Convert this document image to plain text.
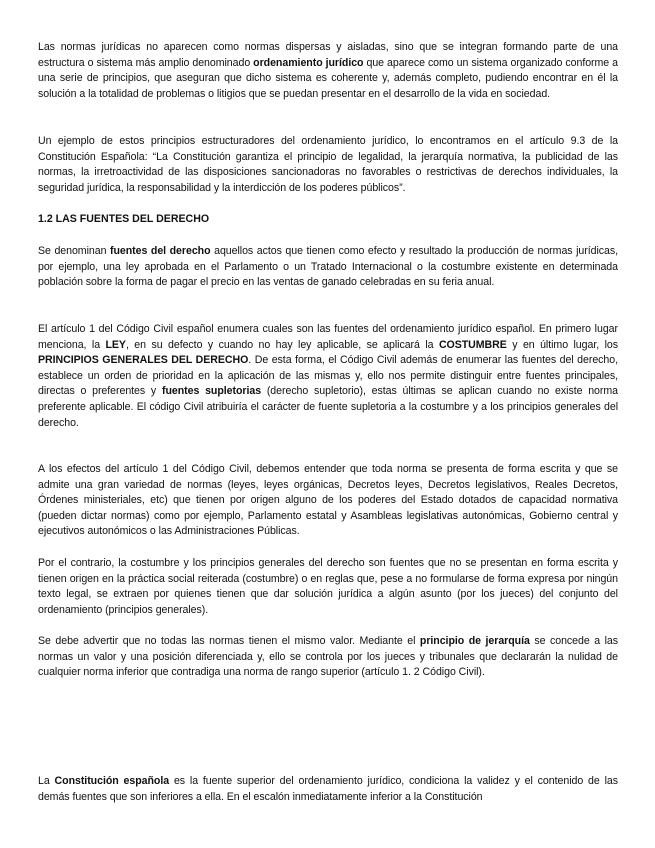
Las normas jurídicas no aparecen como normas dispersas y aisladas, sino que se integran formando parte de una estructura o sistema más amplio denominado ordenamiento jurídico que aparece como un sistema organizado conforme a una serie de principios, que aseguran que dicho sistema es coherente y, además completo, pudiendo encontrar en él la solución a la totalidad de problemas o litigios que se puedan presentar en el desarrollo de la vida en sociedad.

Un ejemplo de estos principios estructuradores del ordenamiento jurídico, lo encontramos en el artículo 9.3 de la Constitución Española: “La Constitución garantiza el principio de legalidad, la jerarquía normativa, la publicidad de las normas, la irretroactividad de las disposiciones sancionadoras no favorables o restrictivas de derechos individuales, la seguridad jurídica, la responsabilidad y la interdicción de los poderes públicos”.

1.2 LAS FUENTES DEL DERECHO

Se denominan fuentes del derecho aquellos actos que tienen como efecto y resultado la producción de normas jurídicas, por ejemplo, una ley aprobada en el Parlamento o un Tratado Internacional o la costumbre existente en determinada población sobre la forma de pagar el precio en las ventas de ganado celebradas en su feria anual.

El artículo 1 del Código Civil español enumera cuales son las fuentes del ordenamiento jurídico español. En primero lugar menciona, la LEY, en su defecto y cuando no hay ley aplicable, se aplicará la COSTUMBRE y en último lugar, los PRINCIPIOS GENERALES DEL DERECHO. De esta forma, el Código Civil además de enumerar las fuentes del derecho, establece un orden de prioridad en la aplicación de las mismas y, ello nos permite distinguir entre fuentes principales, directas o preferentes y fuentes supletorias (derecho supletorio), estas últimas se aplican cuando no existe norma preferente aplicable. El código Civil atribuiría el carácter de fuente supletoria a la costumbre y a los principios generales del derecho.

A los efectos del artículo 1 del Código Civil, debemos entender que toda norma se presenta de forma escrita y que se admite una gran variedad de normas (leyes, leyes orgánicas, Decretos leyes, Decretos legislativos, Reales Decretos, Órdenes ministeriales, etc) que tienen por origen alguno de los poderes del Estado dotados de capacidad normativa (pueden dictar normas) como por ejemplo, Parlamento estatal y Asambleas legislativas autonómicas, Gobierno central y ejecutivos autonómicos o las Administraciones Públicas.

Por el contrario, la costumbre y los principios generales del derecho son fuentes que no se presentan en forma escrita y tienen origen en la práctica social reiterada (costumbre) o en reglas que, pese a no formularse de forma expresa por ningún texto legal, se extraen por quienes tienen que dar solución jurídica a algún asunto (por los jueces) del conjunto del ordenamiento (principios generales).

Se debe advertir que no todas las normas tienen el mismo valor. Mediante el principio de jerarquía se concede a las normas un valor y una posición diferenciada y, ello se controla por los jueces y tribunales que declararán la nulidad de cualquier norma inferior que contradiga una norma de rango superior (artículo 1. 2 Código Civil).

La Constitución española es la fuente superior del ordenamiento jurídico, condiciona la validez y el contenido de las demás fuentes que son inferiores a ella. En el escalón inmediatamente inferior a la Constitución
